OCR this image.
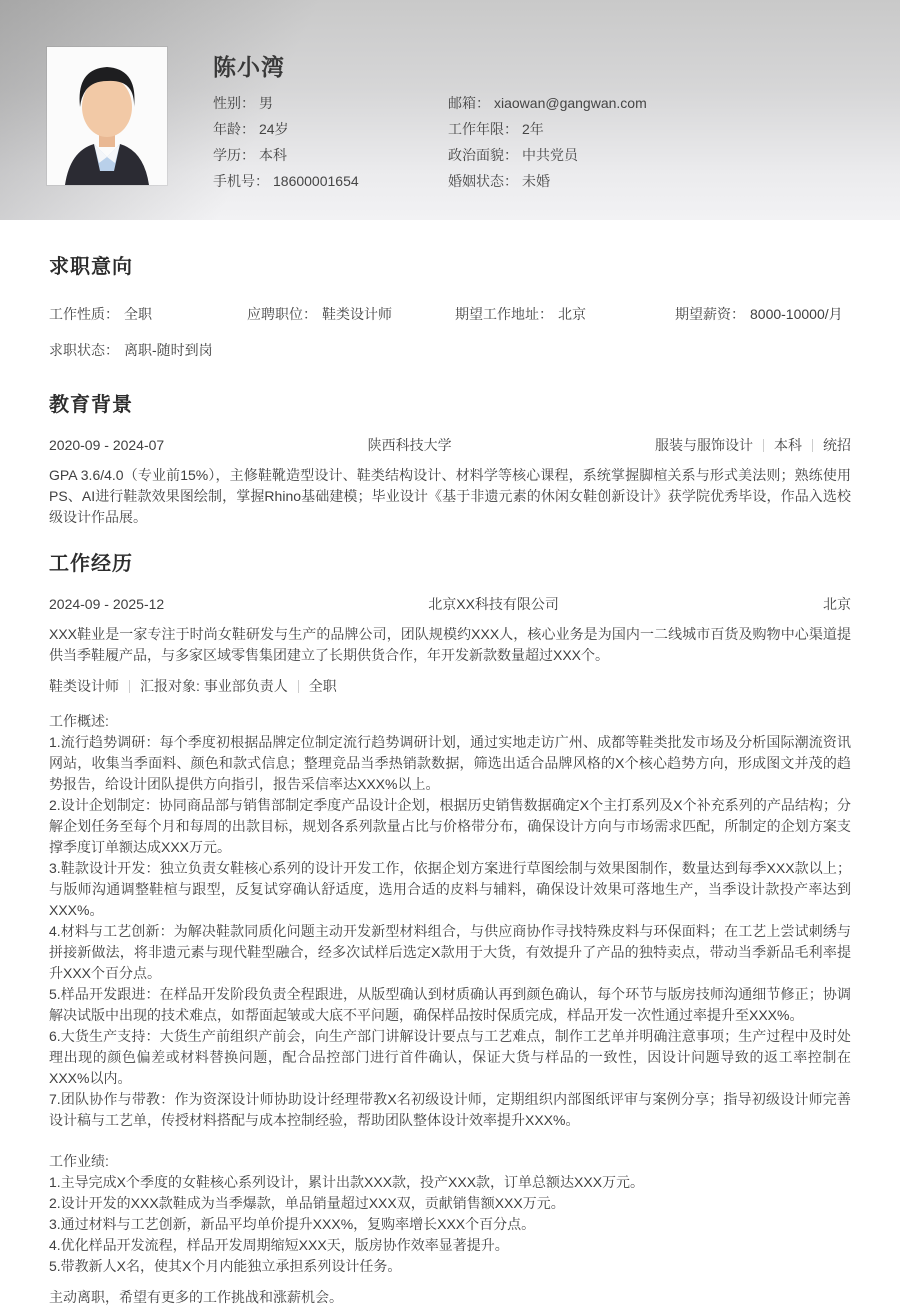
陈小湾
性别： 男
年龄： 24岁
学历： 本科
手机号： 18600001654
邮箱： xiaowan@gangwan.com
工作年限： 2年
政治面貌： 中共党员
婚姻状态： 未婚
求职意向
工作性质： 全职	应聘职位： 鞋类设计师	期望工作地址： 北京	期望薪资： 8000-10000/月
求职状态： 离职-随时到岗
教育背景
2020-09 - 2024-07	陕西科技大学	服装与服饰设计 本科 统招

GPA 3.6/4.0（专业前15%），主修鞋靴造型设计、鞋类结构设计、材料学等核心课程，系统掌握脚楦关系与形式美法则；熟练使用PS、AI进行鞋款效果图绘制，掌握Rhino基础建模；毕业设计《基于非遗元素的休闲女鞋创新设计》获学院优秀毕设，作品入选校级设计作品展。

工作经历
2024-09 - 2025-12	北京XX科技有限公司	北京

XXX鞋业是一家专注于时尚女鞋研发与生产的品牌公司，团队规模约XXX人，核心业务是为国内一二线城市百货及购物中心渠道提供当季鞋履产品，与多家区域零售集团建立了长期供货合作，年开发新款数量超过XXX个。

鞋类设计师 汇报对象: 事业部负责人 全职
工作概述:
1.流行趋势调研：每个季度初根据品牌定位制定流行趋势调研计划，通过实地走访广州、成都等鞋类批发市场及分析国际潮流资讯网站，收集当季面料、颜色和款式信息；整理竞品当季热销款数据，筛选出适合品牌风格的X个核心趋势方向，形成图文并茂的趋势报告，给设计团队提供方向指引，报告采信率达XXX%以上。
2.设计企划制定：协同商品部与销售部制定季度产品设计企划，根据历史销售数据确定X个主打系列及X个补充系列的产品结构；分解企划任务至每个月和每周的出款目标，规划各系列款量占比与价格带分布，确保设计方向与市场需求匹配，所制定的企划方案支撑季度订单额达成XXX万元。
3.鞋款设计开发：独立负责女鞋核心系列的设计开发工作，依据企划方案进行草图绘制与效果图制作，数量达到每季XXX款以上；与版师沟通调整鞋楦与跟型，反复试穿确认舒适度，选用合适的皮料与辅料，确保设计效果可落地生产，当季设计款投产率达到XXX%。
4.材料与工艺创新：为解决鞋款同质化问题主动开发新型材料组合，与供应商协作寻找特殊皮料与环保面料；在工艺上尝试刺绣与拼接新做法，将非遗元素与现代鞋型融合，经多次试样后选定X款用于大货，有效提升了产品的独特卖点，带动当季新品毛利率提升XXX个百分点。
5.样品开发跟进：在样品开发阶段负责全程跟进，从版型确认到材质确认再到颜色确认，每个环节与版房技师沟通细节修正；协调解决试版中出现的技术难点，如帮面起皱或大底不平问题，确保样品按时保质完成，样品开发一次性通过率提升至XXX%。
6.大货生产支持：大货生产前组织产前会，向生产部门讲解设计要点与工艺难点，制作工艺单并明确注意事项；生产过程中及时处理出现的颜色偏差或材料替换问题，配合品控部门进行首件确认，保证大货与样品的一致性，因设计问题导致的返工率控制在XXX%以内。
7.团队协作与带教：作为资深设计师协助设计经理带教X名初级设计师，定期组织内部图纸评审与案例分享；指导初级设计师完善设计稿与工艺单，传授材料搭配与成本控制经验，帮助团队整体设计效率提升XXX%。
工作业绩:
1.主导完成X个季度的女鞋核心系列设计，累计出款XXX款，投产XXX款，订单总额达XXX万元。
2.设计开发的XXX款鞋成为当季爆款，单品销量超过XXX双，贡献销售额XXX万元。
3.通过材料与工艺创新，新品平均单价提升XXX%，复购率增长XXX个百分点。
4.优化样品开发流程，样品开发周期缩短XXX天，版房协作效率显著提升。
5.带教新人X名，使其X个月内能独立承担系列设计任务。
主动离职，希望有更多的工作挑战和涨薪机会。
